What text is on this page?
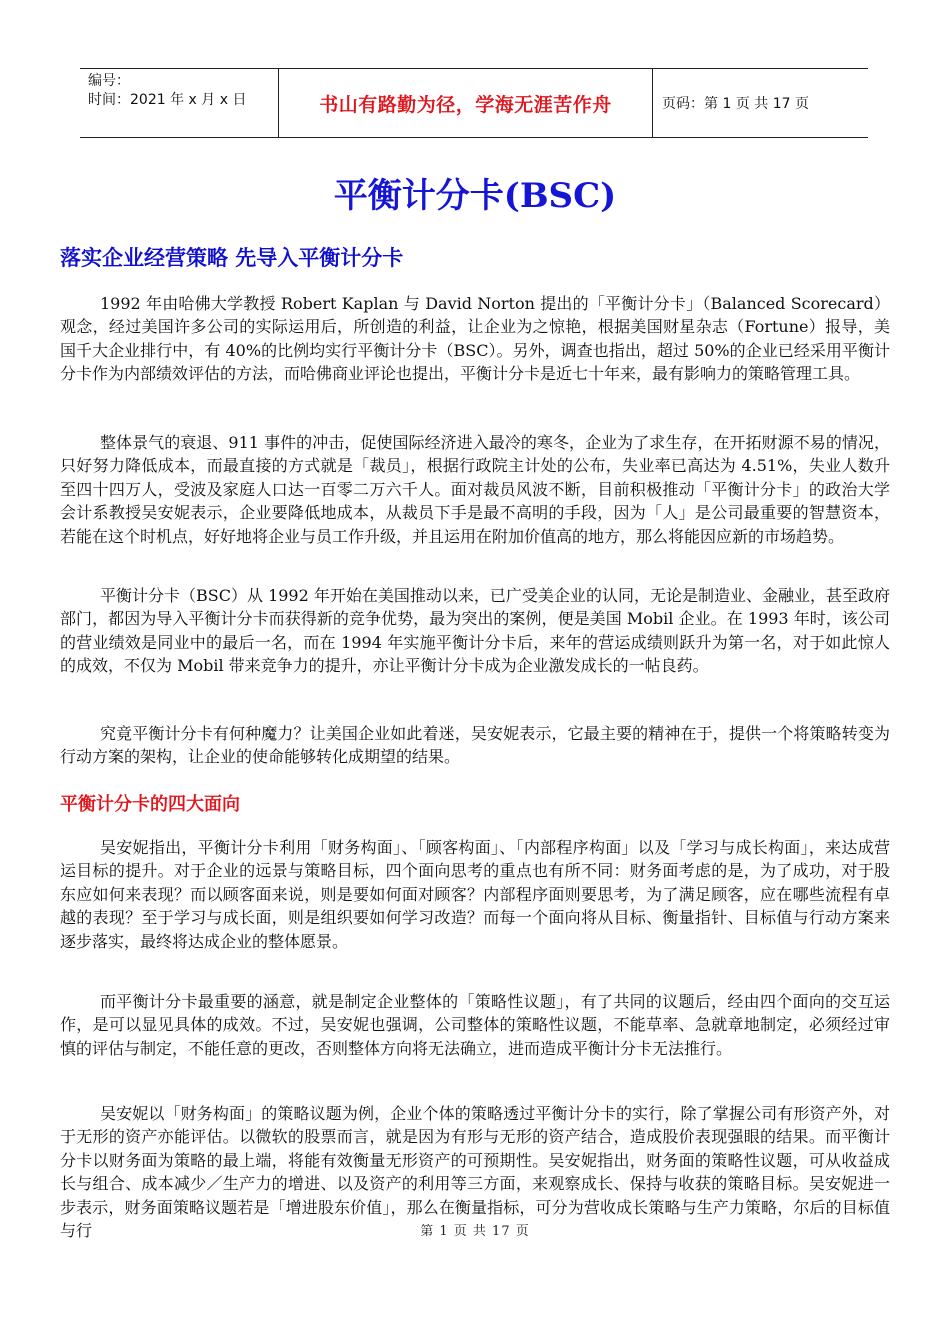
编号：
时间：2021 年 x 月 x 日	书山有路勤为径，学海无涯苦作舟	页码：第 1 页 共 17 页
平衡计分卡(BSC)
落实企业经营策略 先导入平衡计分卡

1992 年由哈佛大学教授 Robert Kaplan 与 David Norton 提出的「平衡计分卡」（Balanced Scorecard）观念，经过美国许多公司的实际运用后，所创造的利益，让企业为之惊艳，根据美国财星杂志（Fortune）报导，美国千大企业排行中，有 40%的比例均实行平衡计分卡（BSC）。另外，调查也指出，超过 50%的企业已经采用平衡计分卡作为内部绩效评估的方法，而哈佛商业评论也提出，平衡计分卡是近七十年来，最有影响力的策略管理工具。

整体景气的衰退、911 事件的冲击，促使国际经济进入最冷的寒冬，企业为了求生存，在开拓财源不易的情况，只好努力降低成本，而最直接的方式就是「裁员」，根据行政院主计处的公布，失业率已高达为 4.51%，失业人数升至四十四万人，受波及家庭人口达一百零二万六千人。面对裁员风波不断，目前积极推动「平衡计分卡」的政治大学会计系教授吴安妮表示，企业要降低地成本，从裁员下手是最不高明的手段，因为「人」是公司最重要的智慧资本，若能在这个时机点，好好地将企业与员工作升级，并且运用在附加价值高的地方，那么将能因应新的市场趋势。

平衡计分卡（BSC）从 1992 年开始在美国推动以来，已广受美企业的认同，无论是制造业、金融业，甚至政府部门，都因为导入平衡计分卡而获得新的竞争优势，最为突出的案例，便是美国 Mobil 企业。在 1993 年时，该公司的营业绩效是同业中的最后一名，而在 1994 年实施平衡计分卡后，来年的营运成绩则跃升为第一名，对于如此惊人的成效，不仅为 Mobil 带来竞争力的提升，亦让平衡计分卡成为企业激发成长的一帖良药。

究竟平衡计分卡有何种魔力？让美国企业如此着迷，吴安妮表示，它最主要的精神在于，提供一个将策略转变为行动方案的架构，让企业的使命能够转化成期望的结果。

平衡计分卡的四大面向

吴安妮指出，平衡计分卡利用「财务构面」、「顾客构面」、「内部程序构面」以及「学习与成长构面」，来达成营运目标的提升。对于企业的远景与策略目标，四个面向思考的重点也有所不同：财务面考虑的是，为了成功，对于股东应如何来表现？而以顾客面来说，则是要如何面对顾客？内部程序面则要思考，为了满足顾客，应在哪些流程有卓越的表现？至于学习与成长面，则是组织要如何学习改造？而每一个面向将从目标、衡量指针、目标值与行动方案来逐步落实，最终将达成企业的整体愿景。

而平衡计分卡最重要的涵意，就是制定企业整体的「策略性议题」，有了共同的议题后，经由四个面向的交互运作，是可以显见具体的成效。不过，吴安妮也强调，公司整体的策略性议题，不能草率、急就章地制定，必须经过审慎的评估与制定，不能任意的更改，否则整体方向将无法确立，进而造成平衡计分卡无法推行。

吴安妮以「财务构面」的策略议题为例，企业个体的策略透过平衡计分卡的实行，除了掌握公司有形资产外，对于无形的资产亦能评估。以微软的股票而言，就是因为有形与无形的资产结合，造成股价表现强眼的结果。而平衡计分卡以财务面为策略的最上端，将能有效衡量无形资产的可预期性。吴安妮指出，财务面的策略性议题，可从收益成长与组合、成本减少／生产力的增进、以及资产的利用等三方面，来观察成长、保持与收获的策略目标。吴安妮进一步表示，财务面策略议题若是「增进股东价值」，那么在衡量指标，可分为营收成长策略与生产力策略，尔后的目标值与行	第 1 页 共 17 页
